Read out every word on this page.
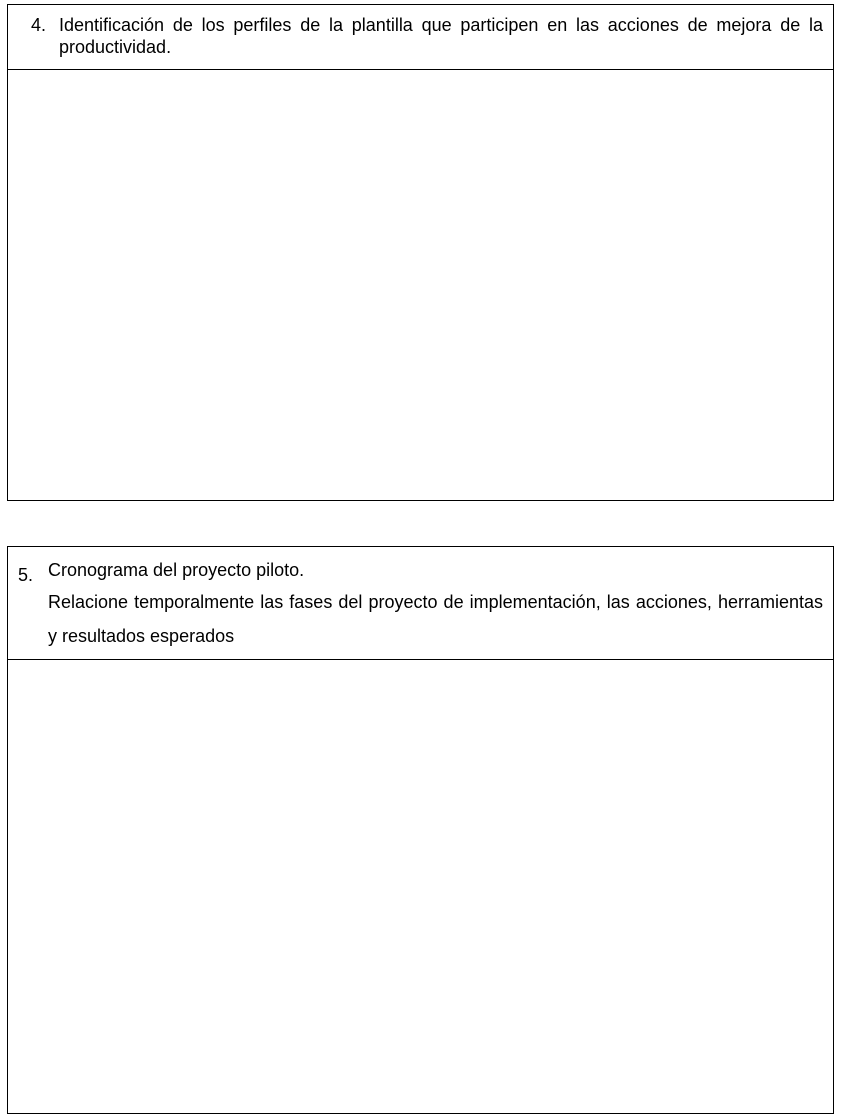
4. Identificación de los perfiles de la plantilla que participen en las acciones de mejora de la productividad.
5. Cronograma del proyecto piloto.
Relacione temporalmente las fases del proyecto de implementación, las acciones, herramientas y resultados esperados
